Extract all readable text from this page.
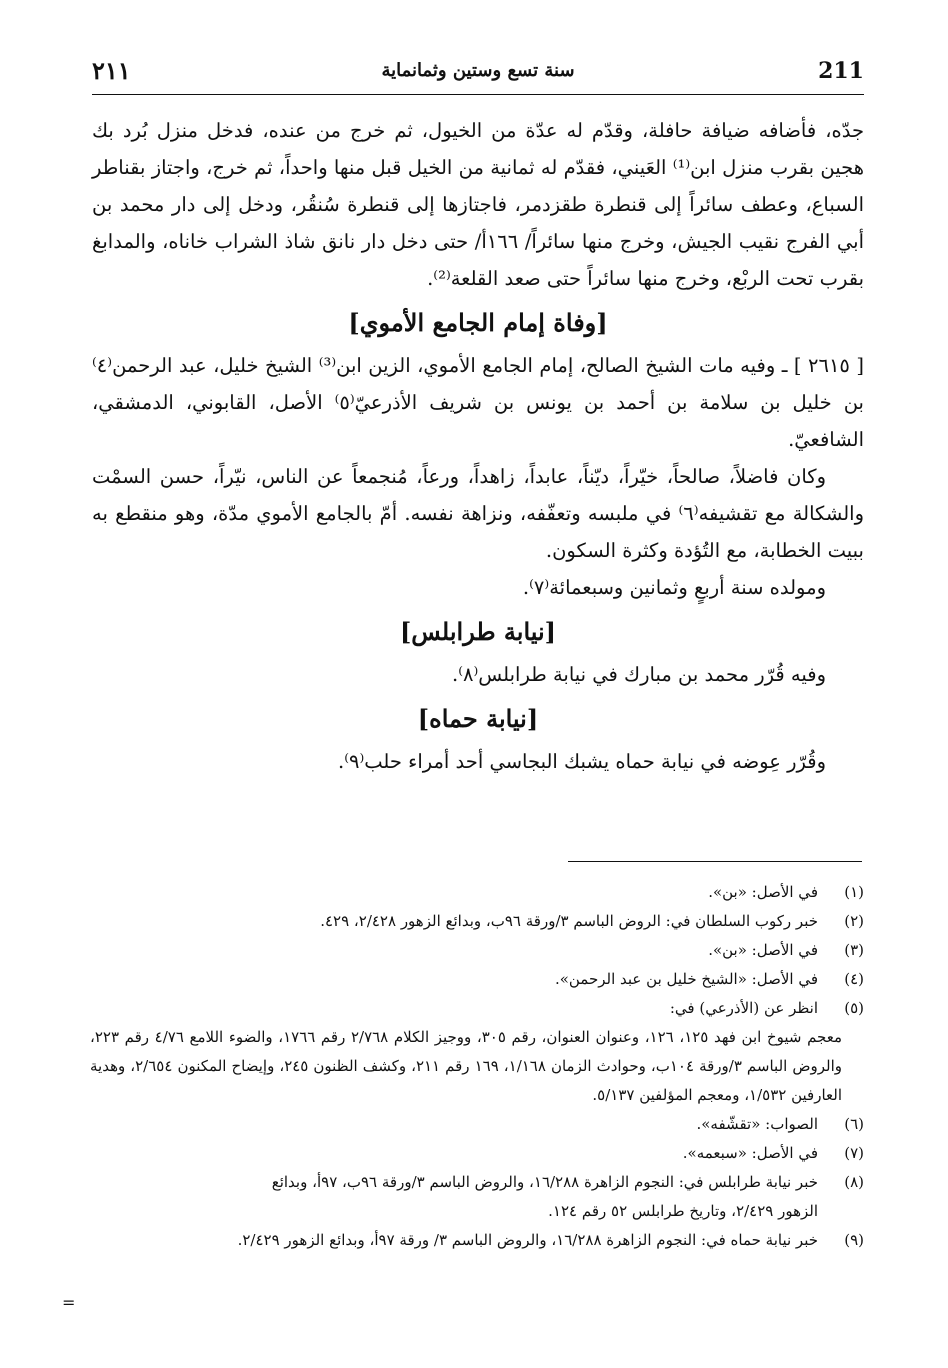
٢١١	سنة تسع وستين وثمانماية	211

جدّه، فأضافه ضيافة حافلة، وقدّم له عدّة من الخيول، ثم خرج من عنده، فدخل منزل بُرد بك هجين بقرب منزل ابن⁽¹⁾ العَيني، فقدّم له ثمانية من الخيل قبل منها واحداً، ثم خرج، واجتاز بقناطر السباع، وعطف سائراً إلى قنطرة طقزدمر، فاجتازها إلى قنطرة سُنقُر، ودخل إلى دار محمد بن أبي الفرج نقيب الجيش، وخرج منها سائراً/ ١٦٦أ/ حتى دخل دار نانق شاذ الشراب خاناه، والمدابغ بقرب تحت الربْع، وخرج منها سائراً حتى صعد القلعة⁽²⁾.

[وفاة إمام الجامع الأموي]

[ ٢٦١٥ ] ـ وفيه مات الشيخ الصالح، إمام الجامع الأموي، الزين ابن⁽³⁾ الشيخ خليل، عبد الرحمن⁽٤⁾ بن خليل بن سلامة بن أحمد بن يونس بن شريف الأذرعيّ⁽٥⁾ الأصل، القابوني، الدمشقي، الشافعيّ.

وكان فاضلاً، صالحاً، خيّراً، ديّناً، عابداً، زاهداً، ورعاً، مُنجمعاً عن الناس، نيّراً، حسن السمْت والشكالة مع تقشيفه⁽٦⁾ في ملبسه وتعفّفه، ونزاهة نفسه. أمّ بالجامع الأموي مدّة، وهو منقطع به ببيت الخطابة، مع التُؤدة وكثرة السكون.

ومولده سنة أربعٍ وثمانين وسبعمائة⁽٧⁾.

[نيابة طرابلس]

وفيه قُرّر محمد بن مبارك في نيابة طرابلس⁽٨⁾.

[نيابة حماه]

وقُرّر عِوضه في نيابة حماه يشبك البجاسي أحد أمراء حلب⁽٩⁾.

(١)
في الأصل: «بن».
(٢)
خبر ركوب السلطان في: الروض الباسم ٣/ورقة ٩٦ب، وبدائع الزهور ٢/٤٢٨، ٤٢٩.
(٣)
في الأصل: «بن».
(٤)
في الأصل: «الشيخ خليل بن عبد الرحمن».
(٥)
انظر عن (الأذرعي) في:
معجم شيوخ ابن فهد ١٢٥، ١٢٦، وعنوان العنوان، رقم ٣٠٥، ووجيز الكلام ٢/٧٦٨ رقم ١٧٦٦، والضوء اللامع ٤/٧٦ رقم ٢٢٣، والروض الباسم ٣/ورقة ١٠٤ب، وحوادث الزمان ١/١٦٨، ١٦٩ رقم ٢١١، وكشف الظنون ٢٤٥، وإيضاح المكنون ٢/٦٥٤، وهدية العارفين ١/٥٣٢، ومعجم المؤلفين ٥/١٣٧.
(٦)
الصواب: «تقشّفه».
(٧)
في الأصل: «سبعمه».
(٨)
خبر نيابة طرابلس في: النجوم الزاهرة ١٦/٢٨٨، والروض الباسم ٣/ورقة ٩٦ب، ٩٧أ، وبدائع
الزهور ٢/٤٢٩، وتاريخ طرابلس ٥٢ رقم ١٢٤.
(٩)
خبر نيابة حماه في: النجوم الزاهرة ١٦/٢٨٨، والروض الباسم ٣/ ورقة ٩٧أ، وبدائع الزهور ٢/٤٢٩.
=
